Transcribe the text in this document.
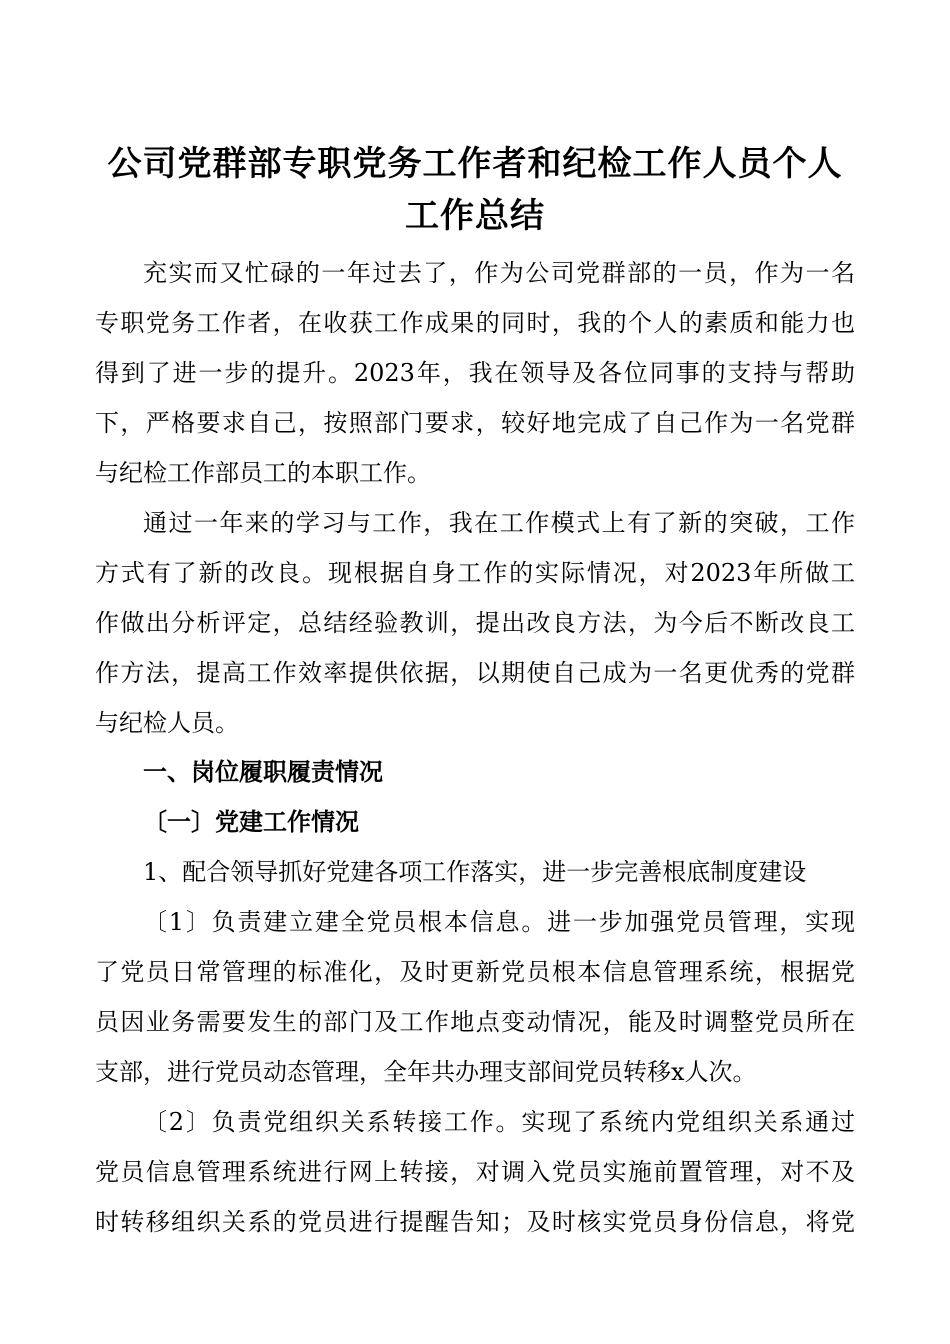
公司党群部专职党务工作者和纪检工作人员个人
工作总结
充实而又忙碌的一年过去了，作为公司党群部的一员，作为一名
专职党务工作者，在收获工作成果的同时，我的个人的素质和能力也
得到了进一步的提升。2023年，我在领导及各位同事的支持与帮助
下，严格要求自己，按照部门要求，较好地完成了自己作为一名党群
与纪检工作部员工的本职工作。
通过一年来的学习与工作，我在工作模式上有了新的突破，工作
方式有了新的改良。现根据自身工作的实际情况，对2023年所做工
作做出分析评定，总结经验教训，提出改良方法，为今后不断改良工
作方法，提高工作效率提供依据，以期使自己成为一名更优秀的党群
与纪检人员。
一、岗位履职履责情况
〔一〕党建工作情况
1、配合领导抓好党建各项工作落实，进一步完善根底制度建设
〔1〕负责建立建全党员根本信息。进一步加强党员管理，实现
了党员日常管理的标准化，及时更新党员根本信息管理系统，根据党
员因业务需要发生的部门及工作地点变动情况，能及时调整党员所在
支部，进行党员动态管理，全年共办理支部间党员转移x人次。
〔2〕负责党组织关系转接工作。实现了系统内党组织关系通过
党员信息管理系统进行网上转接，对调入党员实施前置管理，对不及
时转移组织关系的党员进行提醒告知；及时核实党员身份信息，将党
